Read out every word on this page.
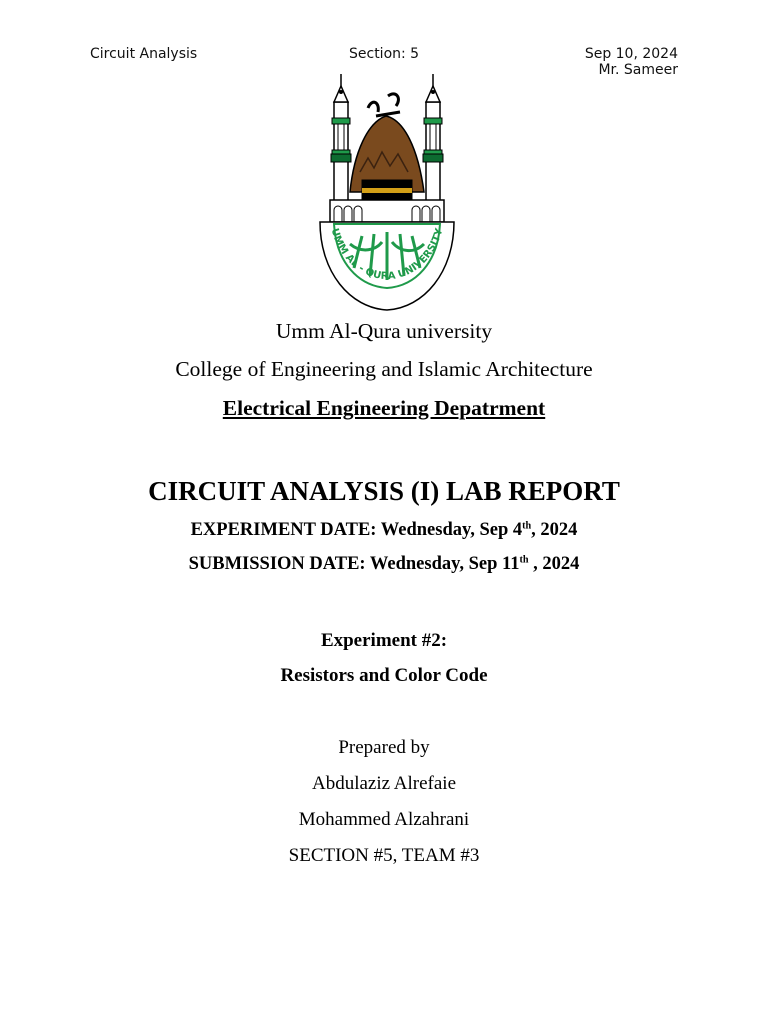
Circuit Analysis	Section: 5	Sep 10, 2024
Mr. Sameer
UMM AL - QURA UNIVERSITY
Umm Al-Qura university
College of Engineering and Islamic Architecture
Electrical Engineering Depatrment
CIRCUIT ANALYSIS (I) LAB REPORT
EXPERIMENT DATE: Wednesday, Sep 4th, 2024
SUBMISSION DATE: Wednesday, Sep 11th , 2024
Experiment #2:
Resistors and Color Code
Prepared by
Abdulaziz Alrefaie
Mohammed Alzahrani
SECTION #5, TEAM #3
